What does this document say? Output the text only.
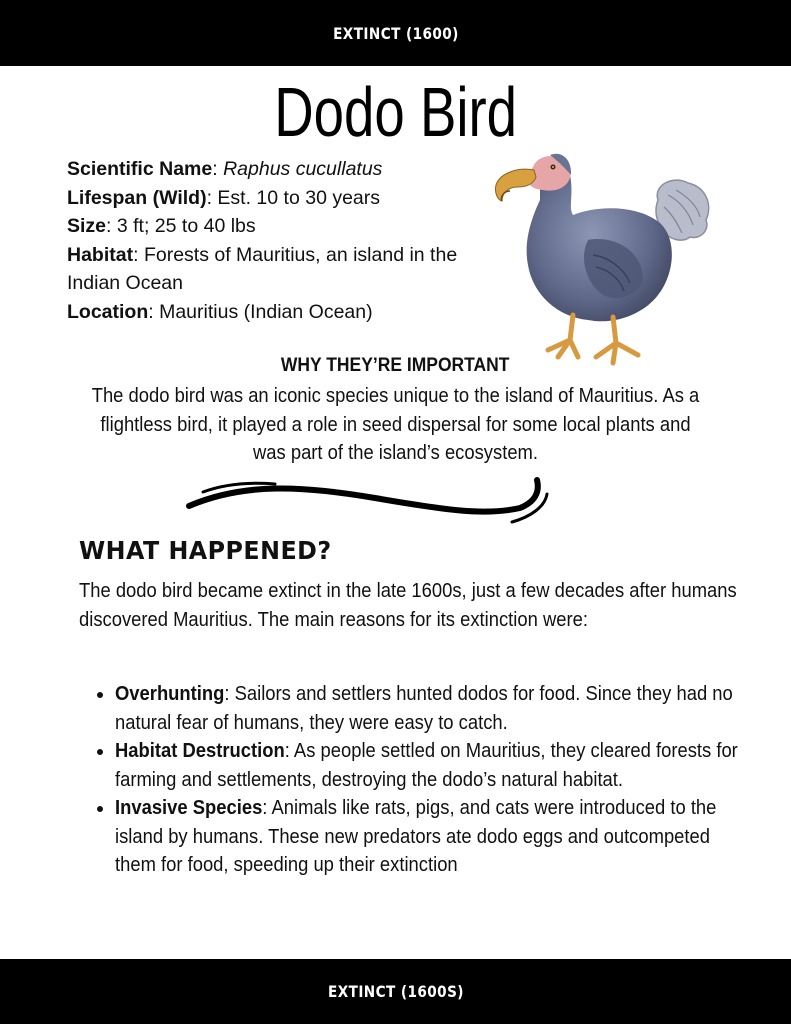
EXTINCT (1600)
Dodo Bird
Scientific Name: Raphus cucullatus
Lifespan (Wild): Est. 10 to 30 years
Size: 3 ft; 25 to 40 lbs
Habitat: Forests of Mauritius, an island in the Indian Ocean
Location: Mauritius (Indian Ocean)
WHY THEY’RE IMPORTANT
The dodo bird was an iconic species unique to the island of Mauritius. As a flightless bird, it played a role in seed dispersal for some local plants and was part of the island’s ecosystem.
WHAT HAPPENED?
The dodo bird became extinct in the late 1600s, just a few decades after humans discovered Mauritius. The main reasons for its extinction were:
• Overhunting: Sailors and settlers hunted dodos for food. Since they had no natural fear of humans, they were easy to catch.
• Habitat Destruction: As people settled on Mauritius, they cleared forests for farming and settlements, destroying the dodo’s natural habitat.
• Invasive Species: Animals like rats, pigs, and cats were introduced to the island by humans. These new predators ate dodo eggs and outcompeted them for food, speeding up their extinction
EXTINCT (1600S)
